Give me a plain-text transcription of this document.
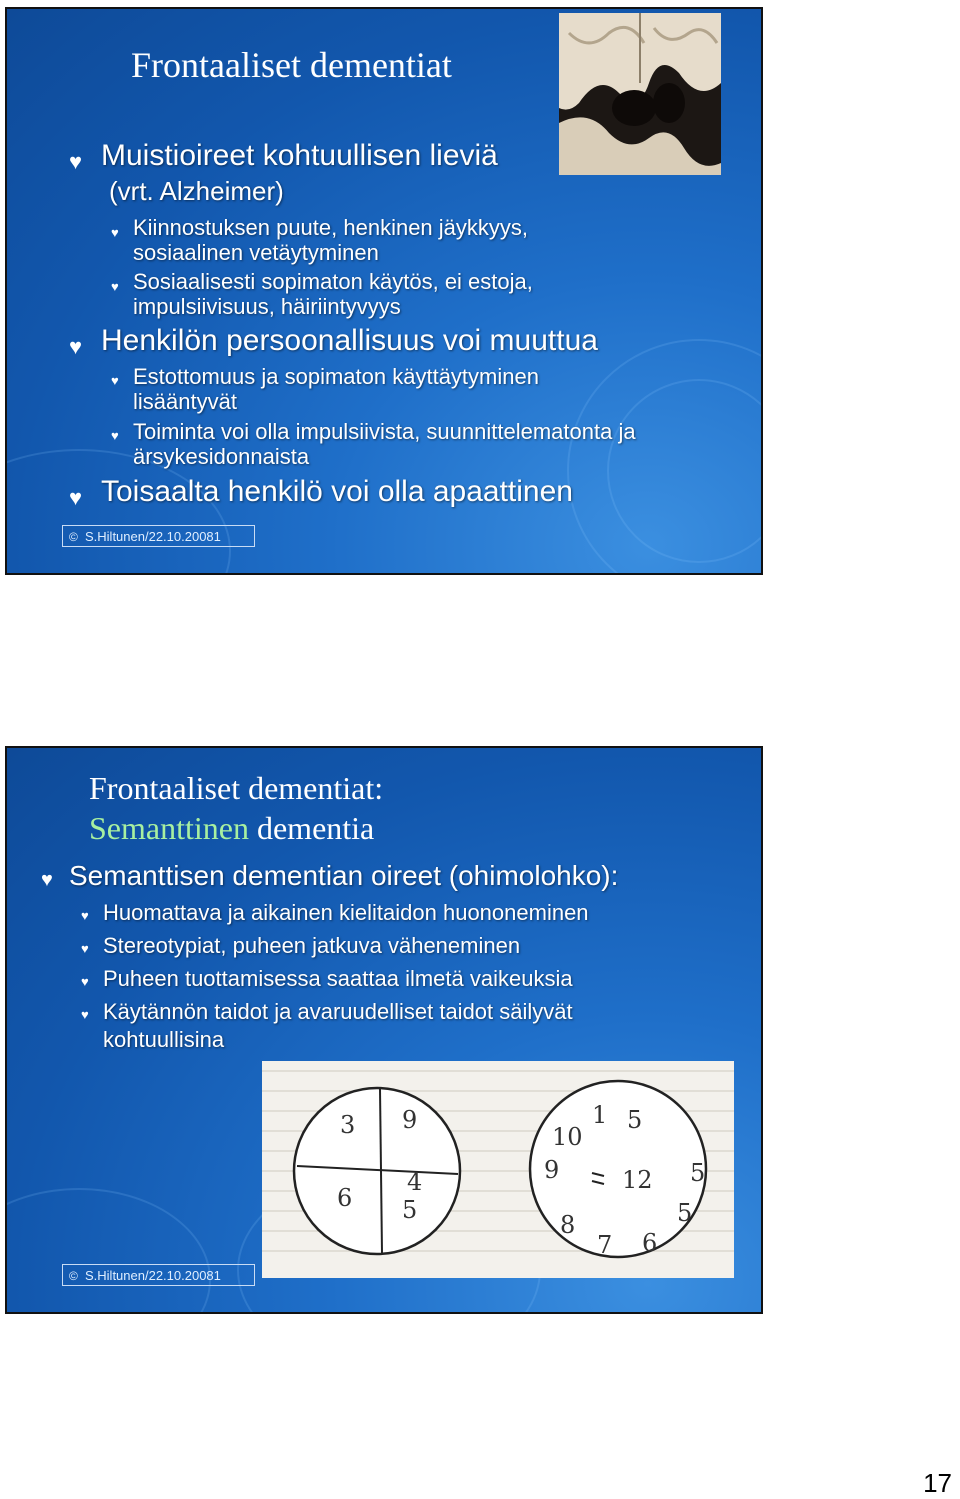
Frontaaliset dementiat
♥ Muistioireet kohtuullisen lieviä
(vrt. Alzheimer)
♥ Kiinnostuksen puute, henkinen jäykkyys,
sosiaalinen vetäytyminen
♥ Sosiaalisesti sopimaton käytös, ei estoja,
impulsiivisuus, häiriintyvyys
♥ Henkilön persoonallisuus voi muuttua
♥ Estottomuus ja sopimaton käyttäytyminen
lisääntyvät
♥ Toiminta voi olla impulsiivista, suunnittelematonta ja
ärsykesidonnaista
♥ Toisaalta henkilö voi olla apaattinen
© S.Hiltunen/22.10.20081
Frontaaliset dementiat:
Semanttinen dementia
♥ Semanttisen dementian oireet (ohimolohko):
♥ Huomattava ja aikainen kielitaidon huononeminen
♥ Stereotypiat, puheen jatkuva väheneminen
♥ Puheen tuottamisessa saattaa ilmetä vaikeuksia
♥ Käytännön taidot ja avaruudelliset taidot säilyvät
kohtuullisina
3 9
6
4
5
1 5
10
9	12 5
5
8
7 6
© S.Hiltunen/22.10.20081
17
